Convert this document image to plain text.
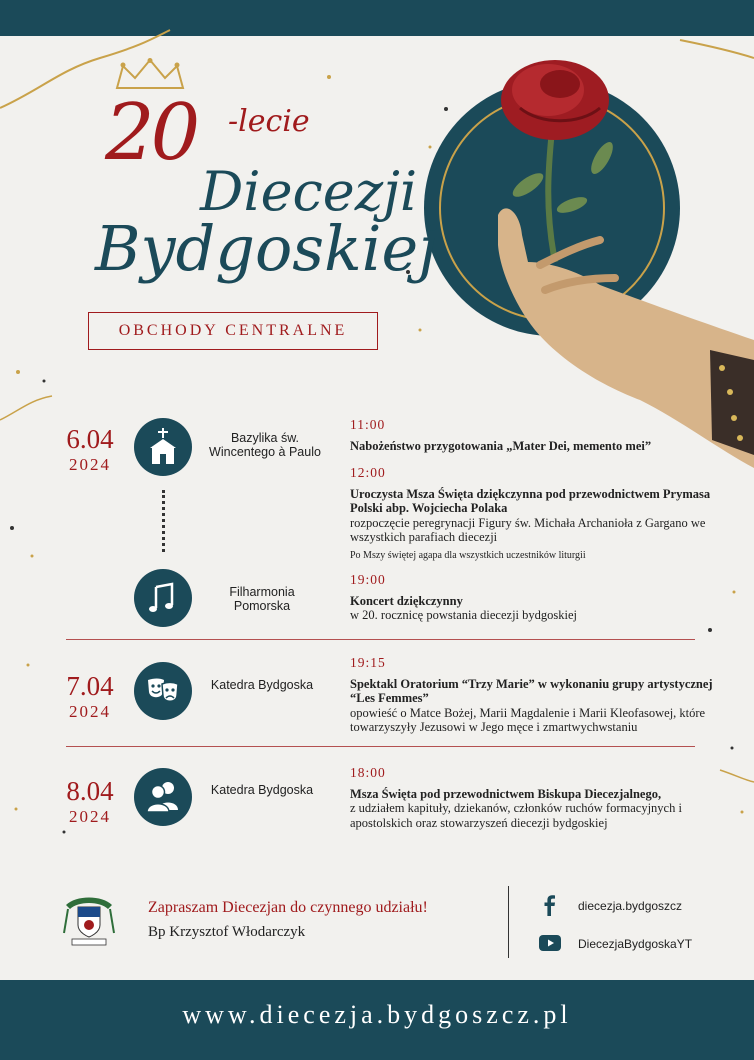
20 -lecie
Diecezji
Bydgoskiej
OBCHODY CENTRALNE
6.04
2024
Bazylika św. Wincentego à Paulo
Filharmonia Pomorska
11:00
Nabożeństwo przygotowania „Mater Dei, memento mei”
12:00
Uroczysta Msza Święta dziękczynna pod przewodnictwem Prymasa Polski abp. Wojciecha Polaka
rozpoczęcie peregrynacji Figury św. Michała Archanioła z Gargano we wszystkich parafiach diecezji
Po Mszy świętej agapa dla wszystkich uczestników liturgii
19:00
Koncert dziękczynny
w 20. rocznicę powstania diecezji bydgoskiej
7.04
2024
Katedra Bydgoska
19:15
Spektakl Oratorium “Trzy Marie” w wykonaniu grupy artystycznej “Les Femmes”
opowieść o Matce Bożej, Marii Magdalenie i Marii Kleofasowej, które towarzyszyły Jezusowi w Jego męce i zmartwychwstaniu
8.04
2024
Katedra Bydgoska
18:00
Msza Święta pod przewodnictwem Biskupa Diecezjalnego,
z udziałem kapituły, dziekanów, członków ruchów formacyjnych i apostolskich oraz stowarzyszeń diecezji bydgoskiej
Zapraszam Diecezjan do czynnego udziału!
Bp Krzysztof Włodarczyk
diecezja.bydgoszcz
DiecezjaBydgoskaYT
www.diecezja.bydgoszcz.pl
